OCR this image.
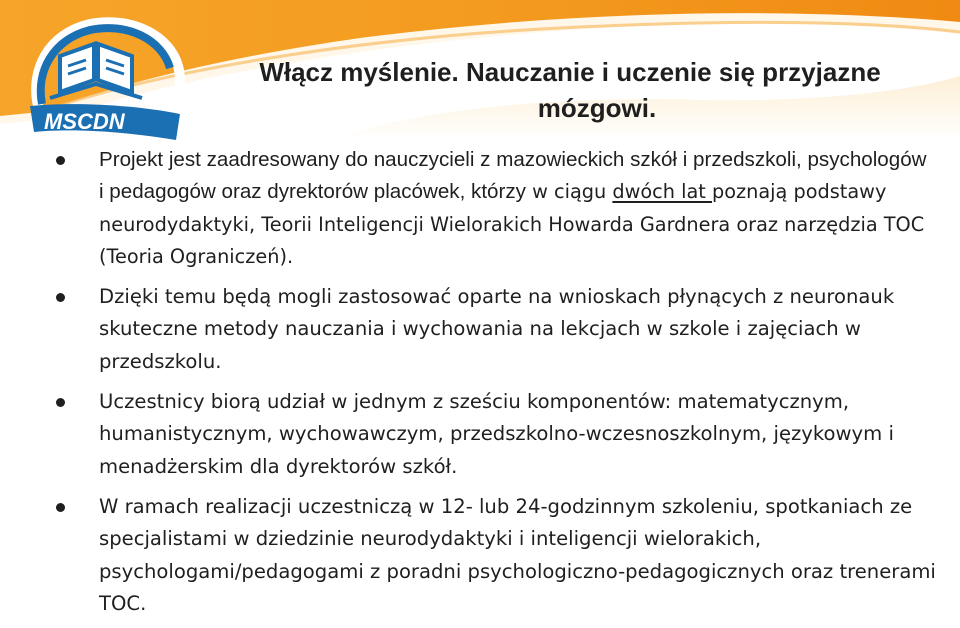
MSCDN
Włącz myślenie. Nauczanie i uczenie się przyjazne
mózgowi.
Projekt jest zaadresowany do nauczycieli z mazowieckich szkół i przedszkoli, psychologów i pedagogów oraz dyrektorów placówek, którzy w ciągu dwóch lat poznają podstawy neurodydaktyki, Teorii Inteligencji Wielorakich Howarda Gardnera oraz narzędzia TOC (Teoria Ograniczeń).
Dzięki temu będą mogli zastosować oparte na wnioskach płynących z neuronauk skuteczne metody nauczania i wychowania na lekcjach w szkole i zajęciach w przedszkolu.
Uczestnicy biorą udział w jednym z sześciu komponentów: matematycznym, humanistycznym, wychowawczym, przedszkolno-wczesnoszkolnym, językowym i menadżerskim dla dyrektorów szkół.
W ramach realizacji uczestniczą w 12- lub 24-godzinnym szkoleniu, spotkaniach ze specjalistami w dziedzinie neurodydaktyki i inteligencji wielorakich, psychologami/pedagogami z poradni psychologiczno-pedagogicznych oraz trenerami TOC.
